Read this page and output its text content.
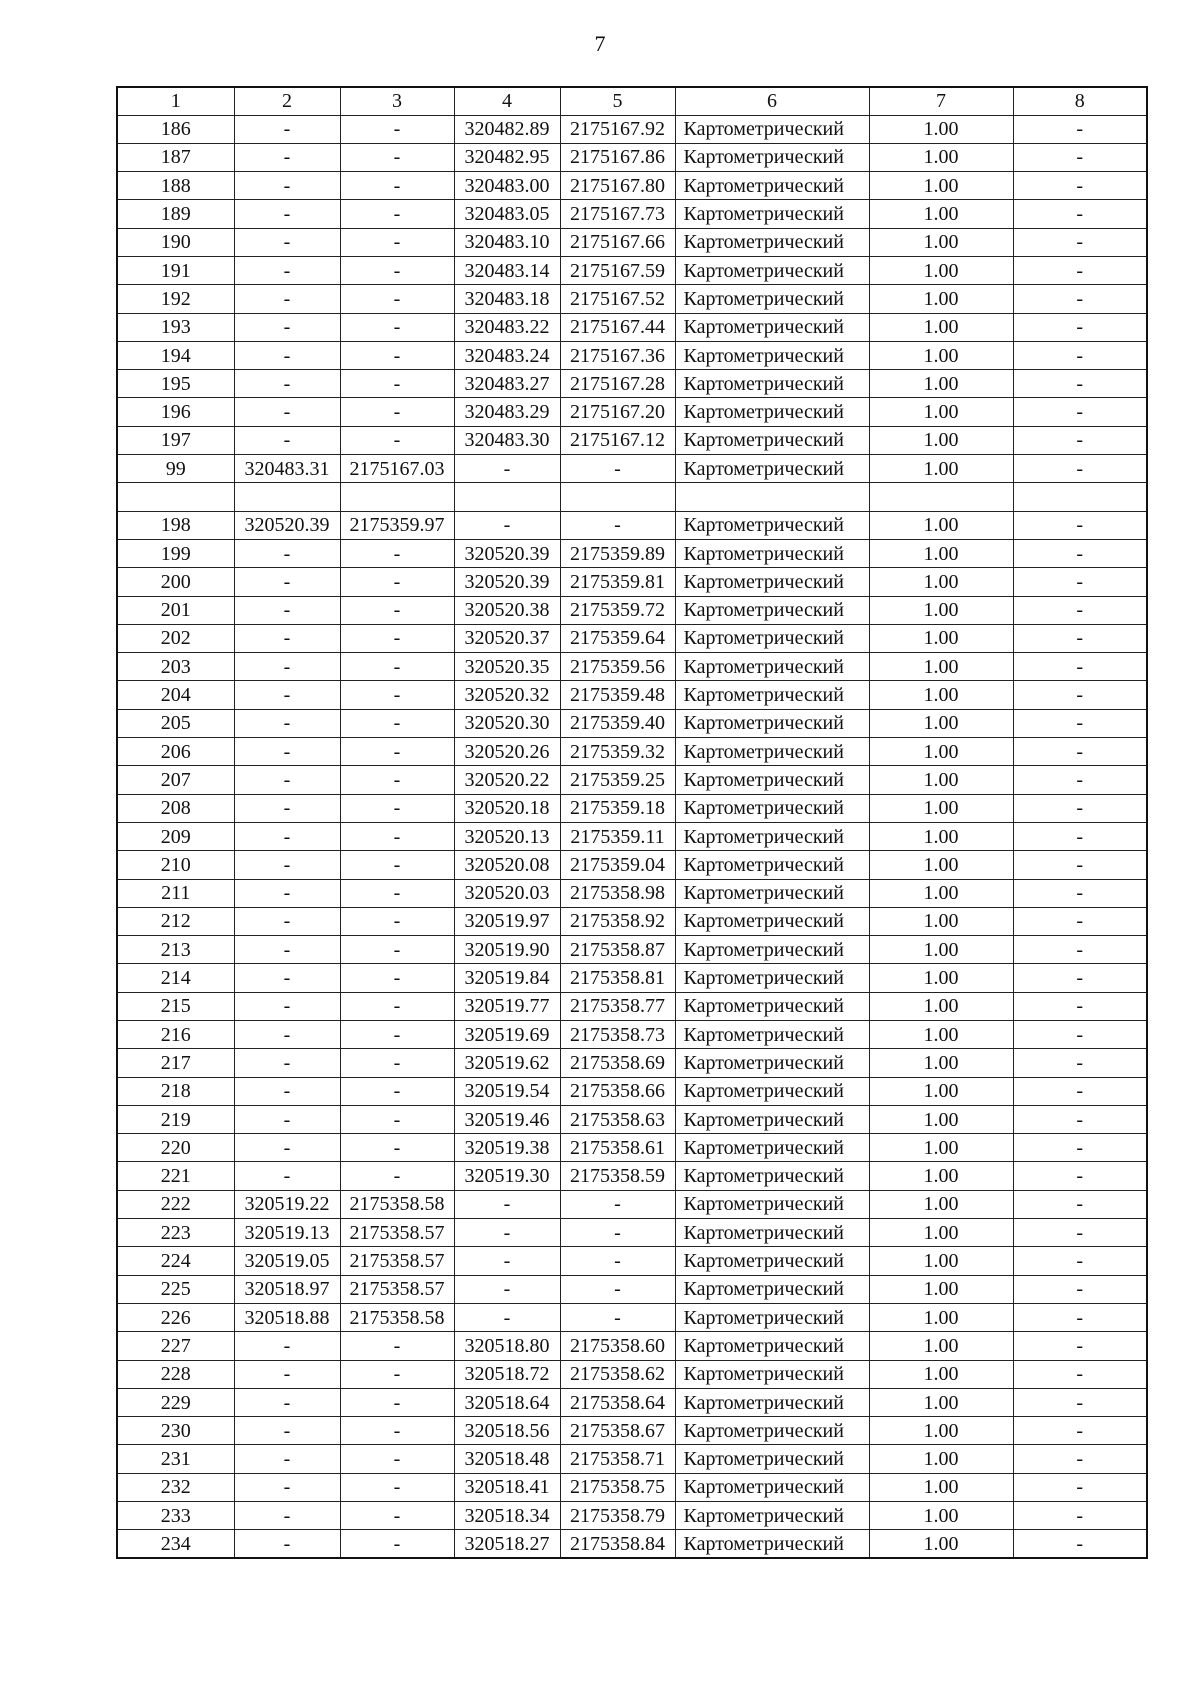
7
1	2	3	4	5	6	7	8
186	-	-	320482.89	2175167.92	Картометрический	1.00	-
187	-	-	320482.95	2175167.86	Картометрический	1.00	-
188	-	-	320483.00	2175167.80	Картометрический	1.00	-
189	-	-	320483.05	2175167.73	Картометрический	1.00	-
190	-	-	320483.10	2175167.66	Картометрический	1.00	-
191	-	-	320483.14	2175167.59	Картометрический	1.00	-
192	-	-	320483.18	2175167.52	Картометрический	1.00	-
193	-	-	320483.22	2175167.44	Картометрический	1.00	-
194	-	-	320483.24	2175167.36	Картометрический	1.00	-
195	-	-	320483.27	2175167.28	Картометрический	1.00	-
196	-	-	320483.29	2175167.20	Картометрический	1.00	-
197	-	-	320483.30	2175167.12	Картометрический	1.00	-
99	320483.31	2175167.03	-	-	Картометрический	1.00	-

198	320520.39	2175359.97	-	-	Картометрический	1.00	-
199	-	-	320520.39	2175359.89	Картометрический	1.00	-
200	-	-	320520.39	2175359.81	Картометрический	1.00	-
201	-	-	320520.38	2175359.72	Картометрический	1.00	-
202	-	-	320520.37	2175359.64	Картометрический	1.00	-
203	-	-	320520.35	2175359.56	Картометрический	1.00	-
204	-	-	320520.32	2175359.48	Картометрический	1.00	-
205	-	-	320520.30	2175359.40	Картометрический	1.00	-
206	-	-	320520.26	2175359.32	Картометрический	1.00	-
207	-	-	320520.22	2175359.25	Картометрический	1.00	-
208	-	-	320520.18	2175359.18	Картометрический	1.00	-
209	-	-	320520.13	2175359.11	Картометрический	1.00	-
210	-	-	320520.08	2175359.04	Картометрический	1.00	-
211	-	-	320520.03	2175358.98	Картометрический	1.00	-
212	-	-	320519.97	2175358.92	Картометрический	1.00	-
213	-	-	320519.90	2175358.87	Картометрический	1.00	-
214	-	-	320519.84	2175358.81	Картометрический	1.00	-
215	-	-	320519.77	2175358.77	Картометрический	1.00	-
216	-	-	320519.69	2175358.73	Картометрический	1.00	-
217	-	-	320519.62	2175358.69	Картометрический	1.00	-
218	-	-	320519.54	2175358.66	Картометрический	1.00	-
219	-	-	320519.46	2175358.63	Картометрический	1.00	-
220	-	-	320519.38	2175358.61	Картометрический	1.00	-
221	-	-	320519.30	2175358.59	Картометрический	1.00	-
222	320519.22	2175358.58	-	-	Картометрический	1.00	-
223	320519.13	2175358.57	-	-	Картометрический	1.00	-
224	320519.05	2175358.57	-	-	Картометрический	1.00	-
225	320518.97	2175358.57	-	-	Картометрический	1.00	-
226	320518.88	2175358.58	-	-	Картометрический	1.00	-
227	-	-	320518.80	2175358.60	Картометрический	1.00	-
228	-	-	320518.72	2175358.62	Картометрический	1.00	-
229	-	-	320518.64	2175358.64	Картометрический	1.00	-
230	-	-	320518.56	2175358.67	Картометрический	1.00	-
231	-	-	320518.48	2175358.71	Картометрический	1.00	-
232	-	-	320518.41	2175358.75	Картометрический	1.00	-
233	-	-	320518.34	2175358.79	Картометрический	1.00	-
234	-	-	320518.27	2175358.84	Картометрический	1.00	-
